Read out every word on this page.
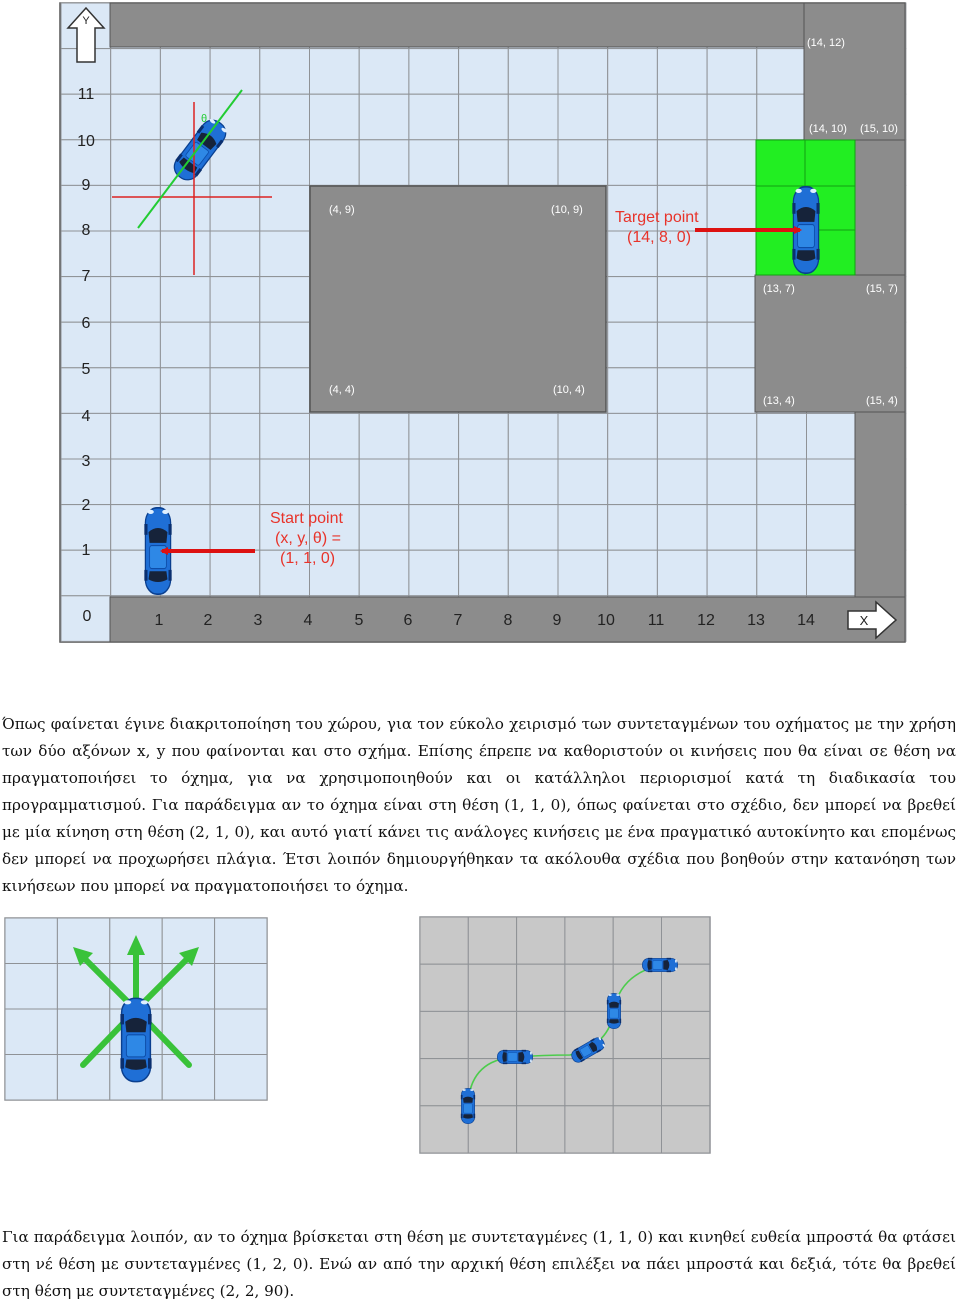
Y
X
0
1
2
3
4
5
6
7
8
9
10
11
1	2	3	4	5	6	7	8	9 10 11 12 13 14
(4, 9)	(10, 9)
(4, 4)	(10, 4)
(14, 12)
(14, 10) (15, 10)
(13, 7)	(15, 7)
(13, 4)	(15, 4)
θ
Start point
(x, y, θ) =
(1, 1, 0)
Target point
(14, 8, 0)

Όπως φαίνεται έγινε διακριτοποίηση του χώρου, για τον εύκολο χειρισμό των συντεταγμένων του οχήματος με την χρήση των δύο αξόνων x, y που φαίνονται και στο σχήμα. Επίσης έπρεπε να καθοριστούν οι κινήσεις που θα είναι σε θέση να πραγματοποιήσει το όχημα, για να χρησιμοποιηθούν και οι κατάλληλοι περιορισμοί κατά τη διαδικασία του προγραμματισμού. Για παράδειγμα αν το όχημα είναι στη θέση (1, 1, 0), όπως φαίνεται στο σχέδιο, δεν μπορεί να βρεθεί με μία κίνηση στη θέση (2, 1, 0), και αυτό γιατί κάνει τις ανάλογες κινήσεις με ένα πραγματικό αυτοκίνητο και επομένως δεν μπορεί να προχωρήσει πλάγια. Έτσι λοιπόν δημιουργήθηκαν τα ακόλουθα σχέδια που βοηθούν στην κατανόηση των κινήσεων που μπορεί να πραγματοποιήσει το όχημα.

Για παράδειγμα λοιπόν, αν το όχημα βρίσκεται στη θέση με συντεταγμένες (1, 1, 0) και κινηθεί ευθεία μπροστά θα φτάσει στη νέ θέση με συντεταγμένες (1, 2, 0). Ενώ αν από την αρχική θέση επιλέξει να πάει μπροστά και δεξιά, τότε θα βρεθεί στη θέση με συντεταγμένες (2, 2, 90).
